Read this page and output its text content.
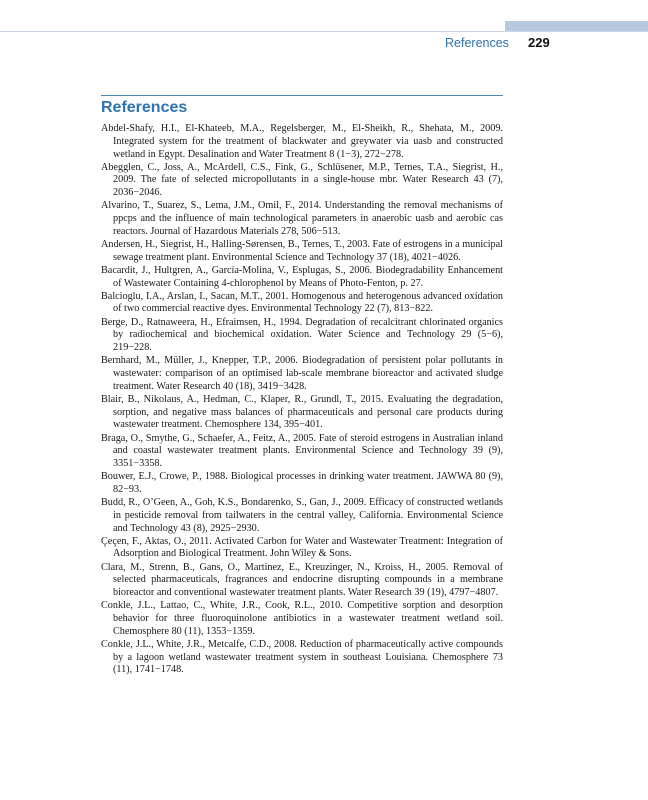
References 229
References
Abdel-Shafy, H.I., El-Khateeb, M.A., Regelsberger, M., El-Sheikh, R., Shehata, M., 2009. Integrated system for the treatment of blackwater and greywater via uasb and constructed wetland in Egypt. Desalination and Water Treatment 8 (1−3), 272−278.
Abegglen, C., Joss, A., McArdell, C.S., Fink, G., Schlüsener, M.P., Ternes, T.A., Siegrist, H., 2009. The fate of selected micropollutants in a single-house mbr. Water Research 43 (7), 2036−2046.
Alvarino, T., Suarez, S., Lema, J.M., Omil, F., 2014. Understanding the removal mechanisms of ppcps and the influence of main technological parameters in anaerobic uasb and aerobic cas reactors. Journal of Hazardous Materials 278, 506−513.
Andersen, H., Siegrist, H., Halling-Sørensen, B., Ternes, T., 2003. Fate of estrogens in a municipal sewage treatment plant. Environmental Science and Technology 37 (18), 4021−4026.
Bacardit, J., Hultgren, A., García-Molina, V., Esplugas, S., 2006. Biodegradability Enhancement of Wastewater Containing 4-chlorophenol by Means of Photo-Fenton, p. 27.
Balcioglu, I.A., Arslan, I., Sacan, M.T., 2001. Homogenous and heterogenous advanced oxidation of two commercial reactive dyes. Environmental Technology 22 (7), 813−822.
Berge, D., Ratnaweera, H., Efraimsen, H., 1994. Degradation of recalcitrant chlorinated organics by radiochemical and biochemical oxidation. Water Science and Technology 29 (5−6), 219−228.
Bernhard, M., Müller, J., Knepper, T.P., 2006. Biodegradation of persistent polar pollutants in wastewater: comparison of an optimised lab-scale membrane bioreactor and activated sludge treatment. Water Research 40 (18), 3419−3428.
Blair, B., Nikolaus, A., Hedman, C., Klaper, R., Grundl, T., 2015. Evaluating the degradation, sorption, and negative mass balances of pharmaceuticals and personal care products during wastewater treatment. Chemosphere 134, 395−401.
Braga, O., Smythe, G., Schaefer, A., Feitz, A., 2005. Fate of steroid estrogens in Australian inland and coastal wastewater treatment plants. Environmental Science and Technology 39 (9), 3351−3358.
Bouwer, E.J., Crowe, P., 1988. Biological processes in drinking water treatment. JAWWA 80 (9), 82−93.
Budd, R., O’Geen, A., Goh, K.S., Bondarenko, S., Gan, J., 2009. Efficacy of constructed wetlands in pesticide removal from tailwaters in the central valley, California. Environmental Science and Technology 43 (8), 2925−2930.
Çeçen, F., Aktas, O., 2011. Activated Carbon for Water and Wastewater Treatment: Integration of Adsorption and Biological Treatment. John Wiley & Sons.
Clara, M., Strenn, B., Gans, O., Martinez, E., Kreuzinger, N., Kroiss, H., 2005. Removal of selected pharmaceuticals, fragrances and endocrine disrupting compounds in a membrane bioreactor and conventional wastewater treatment plants. Water Research 39 (19), 4797−4807.
Conkle, J.L., Lattao, C., White, J.R., Cook, R.L., 2010. Competitive sorption and desorption behavior for three fluoroquinolone antibiotics in a wastewater treatment wetland soil. Chemosphere 80 (11), 1353−1359.
Conkle, J.L., White, J.R., Metcalfe, C.D., 2008. Reduction of pharmaceutically active compounds by a lagoon wetland wastewater treatment system in southeast Louisiana. Chemosphere 73 (11), 1741−1748.
